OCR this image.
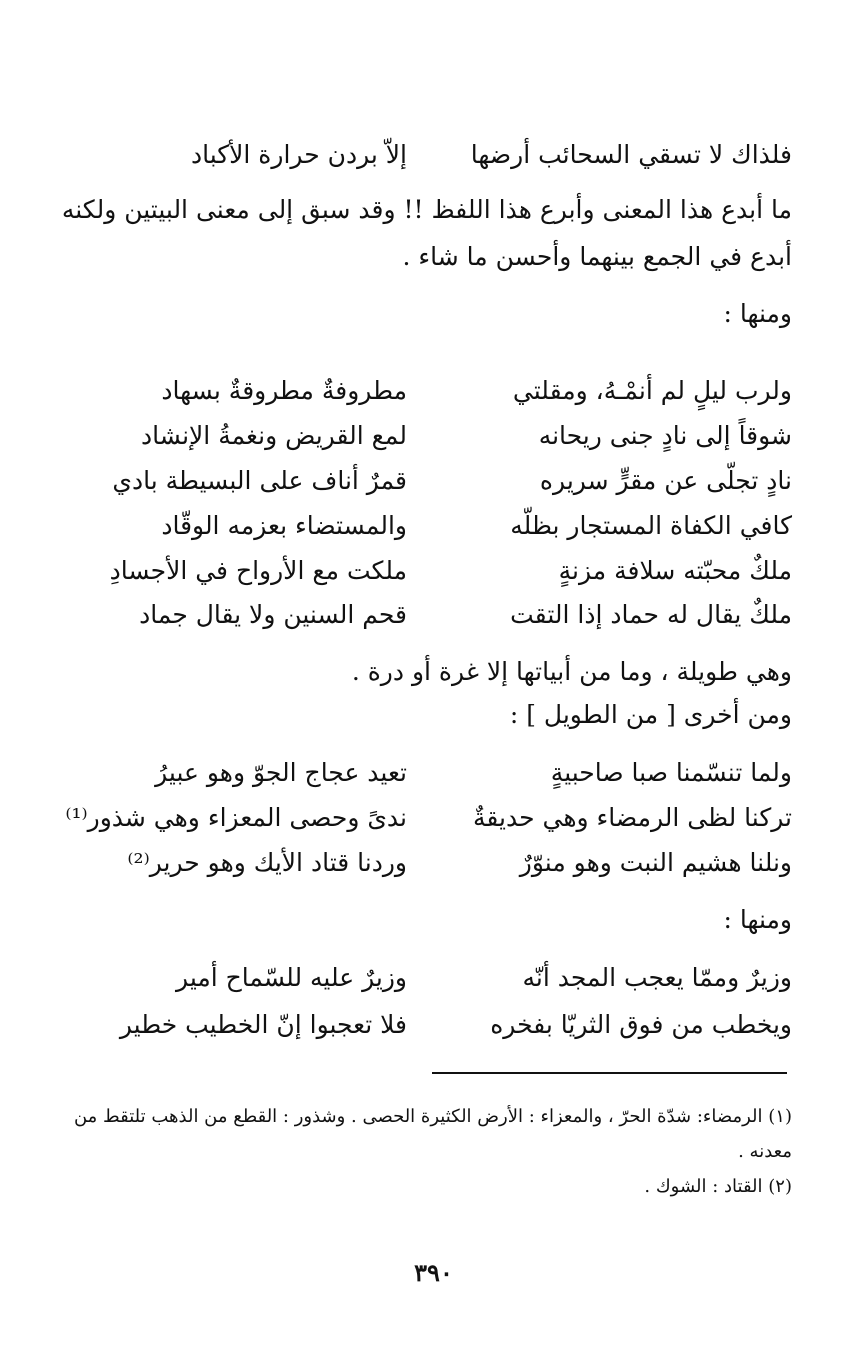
فلذاك لا تسقي السحائب أرضها
إلاّ بردن حرارة الأكباد
ما أبدع هذا المعنى وأبرع هذا اللفظ !! وقد سبق إلى معنى البيتين ولكنه
أبدع في الجمع بينهما وأحسن ما شاء .
ومنها :
ولرب ليلٍ لم أنمْـهُ، ومقلتي
مطروفةٌ مطروقةٌ بسهاد
شوقاً إلى نادٍ جنى ريحانه
لمع القريض ونغمةُ الإنشاد
نادٍ تجلّى عن مقرٍّ سريره
قمرٌ أناف على البسيطة بادي
كافي الكفاة المستجار بظلّه
والمستضاء بعزمه الوقّاد
ملكٌ محبّته سلافة مزنةٍ
ملكت مع الأرواح في الأجسادِ
ملكٌ يقال له حماد إذا التقت
قحم السنين ولا يقال جماد
وهي طويلة ، وما من أبياتها إلا غرة أو درة .
ومن أخرى [ من الطويل ] :
ولما تنسّمنا صبا صاحبيةٍ
تعيد عجاج الجوّ وهو عبيرُ
تركنا لظى الرمضاء وهي حديقةٌ
ندىً وحصى المعزاء وهي شذور⁽¹⁾
ونلنا هشيم النبت وهو منوّرٌ
وردنا قتاد الأيك وهو حرير⁽²⁾
ومنها :
وزيرٌ وممّا يعجب المجد أنّه
وزيرٌ عليه للسّماح أمير
ويخطب من فوق الثريّا بفخره
فلا تعجبوا إنّ الخطيب خطير
(١) الرمضاء: شدّة الحرّ ، والمعزاء : الأرض الكثيرة الحصى . وشذور : القطع من الذهب تلتقط من
معدنه .
(٢) القتاد : الشوك .
٣٩٠
